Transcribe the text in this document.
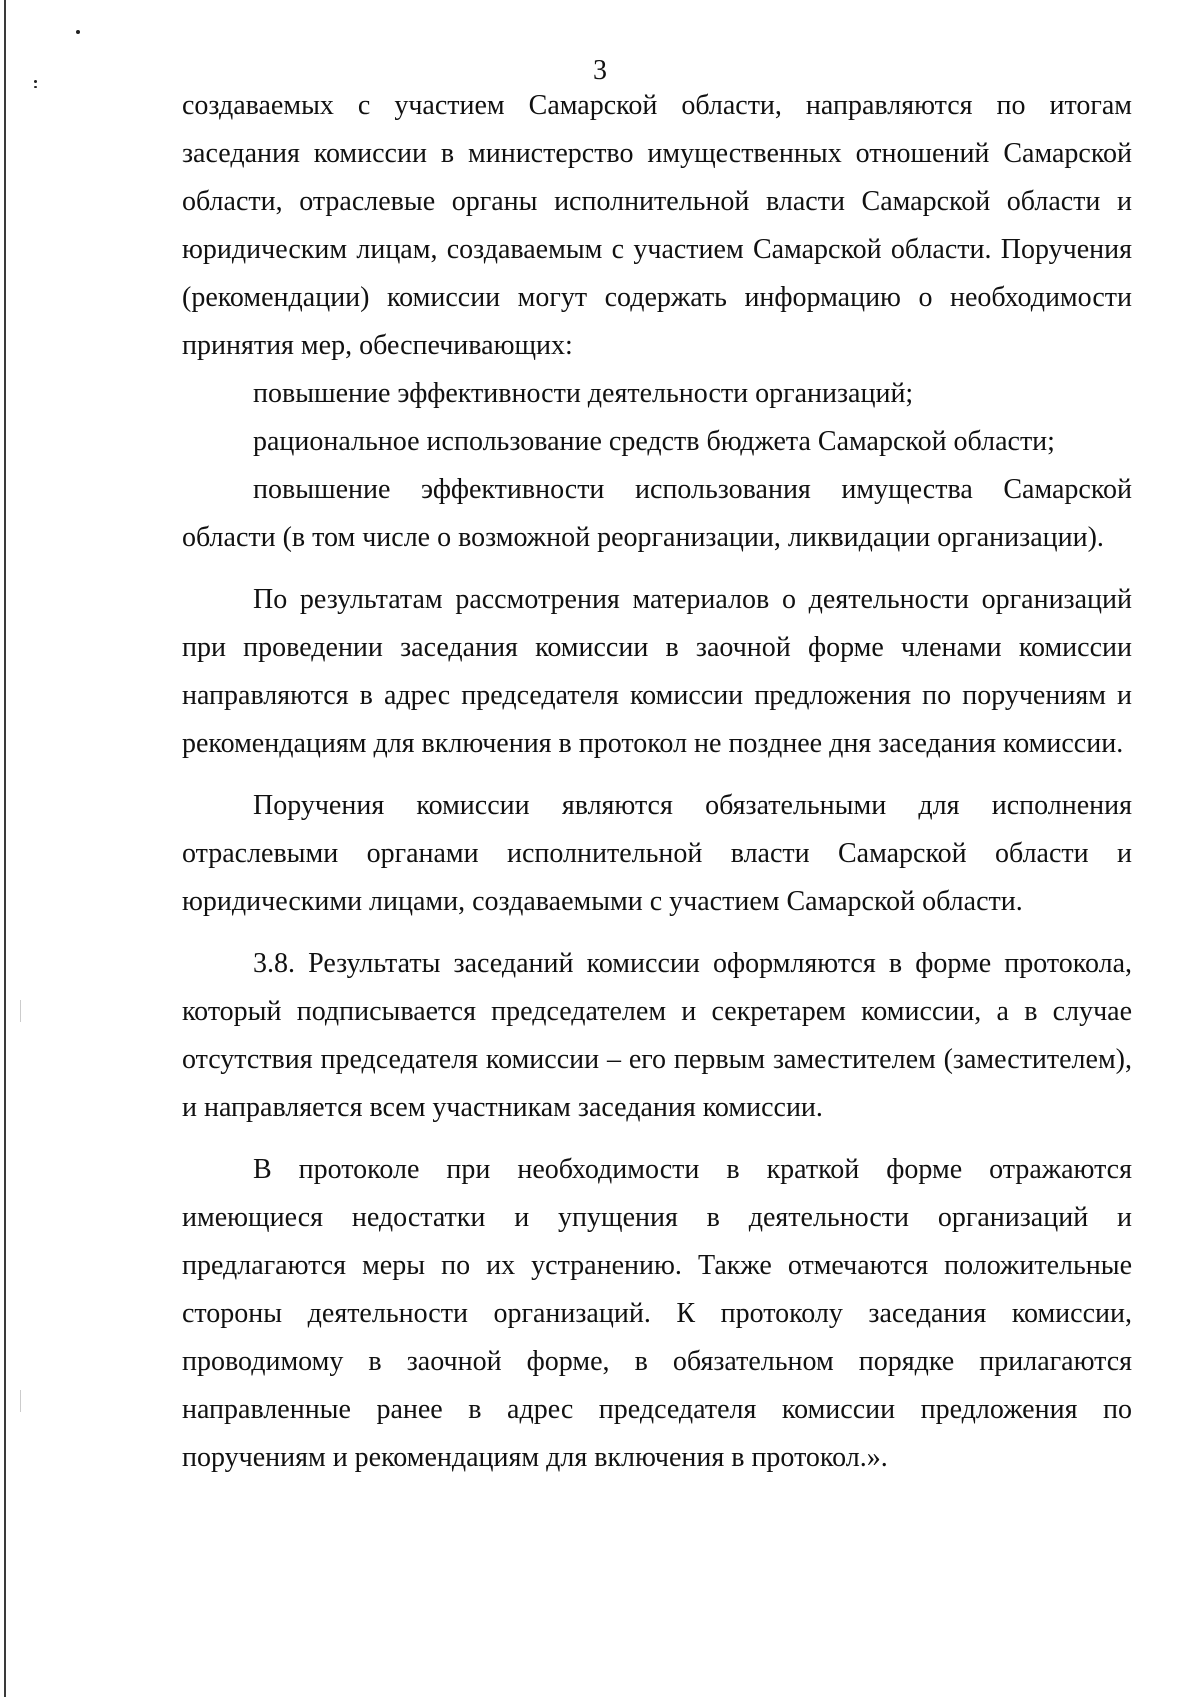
3

создаваемых с участием Самарской области, направляются по итогам заседания комиссии в министерство имущественных отношений Самарской области, отраслевые органы исполнительной власти Самарской области и юридическим лицам, создаваемым с участием Самарской области. Поручения (рекомендации) комиссии могут содержать информацию о необходимости принятия мер, обеспечивающих:

повышение эффективности деятельности организаций;

рациональное использование средств бюджета Самарской области;

повышение эффективности использования имущества Самарской области (в том числе о возможной реорганизации, ликвидации организации).

По результатам рассмотрения материалов о деятельности организаций при проведении заседания комиссии в заочной форме членами комиссии направляются в адрес председателя комиссии предложения по поручениям и рекомендациям для включения в протокол не позднее дня заседания комиссии.

Поручения комиссии являются обязательными для исполнения отраслевыми органами исполнительной власти Самарской области и юридическими лицами, создаваемыми с участием Самарской области.

3.8. Результаты заседаний комиссии оформляются в форме протокола, который подписывается председателем и секретарем комиссии, а в случае отсутствия председателя комиссии – его первым заместителем (заместителем), и направляется всем участникам заседания комиссии.

В протоколе при необходимости в краткой форме отражаются имеющиеся недостатки и упущения в деятельности организаций и предлагаются меры по их устранению. Также отмечаются положительные стороны деятельности организаций. К протоколу заседания комиссии, проводимому в заочной форме, в обязательном порядке прилагаются направленные ранее в адрес председателя комиссии предложения по поручениям и рекомендациям для включения в протокол.».
